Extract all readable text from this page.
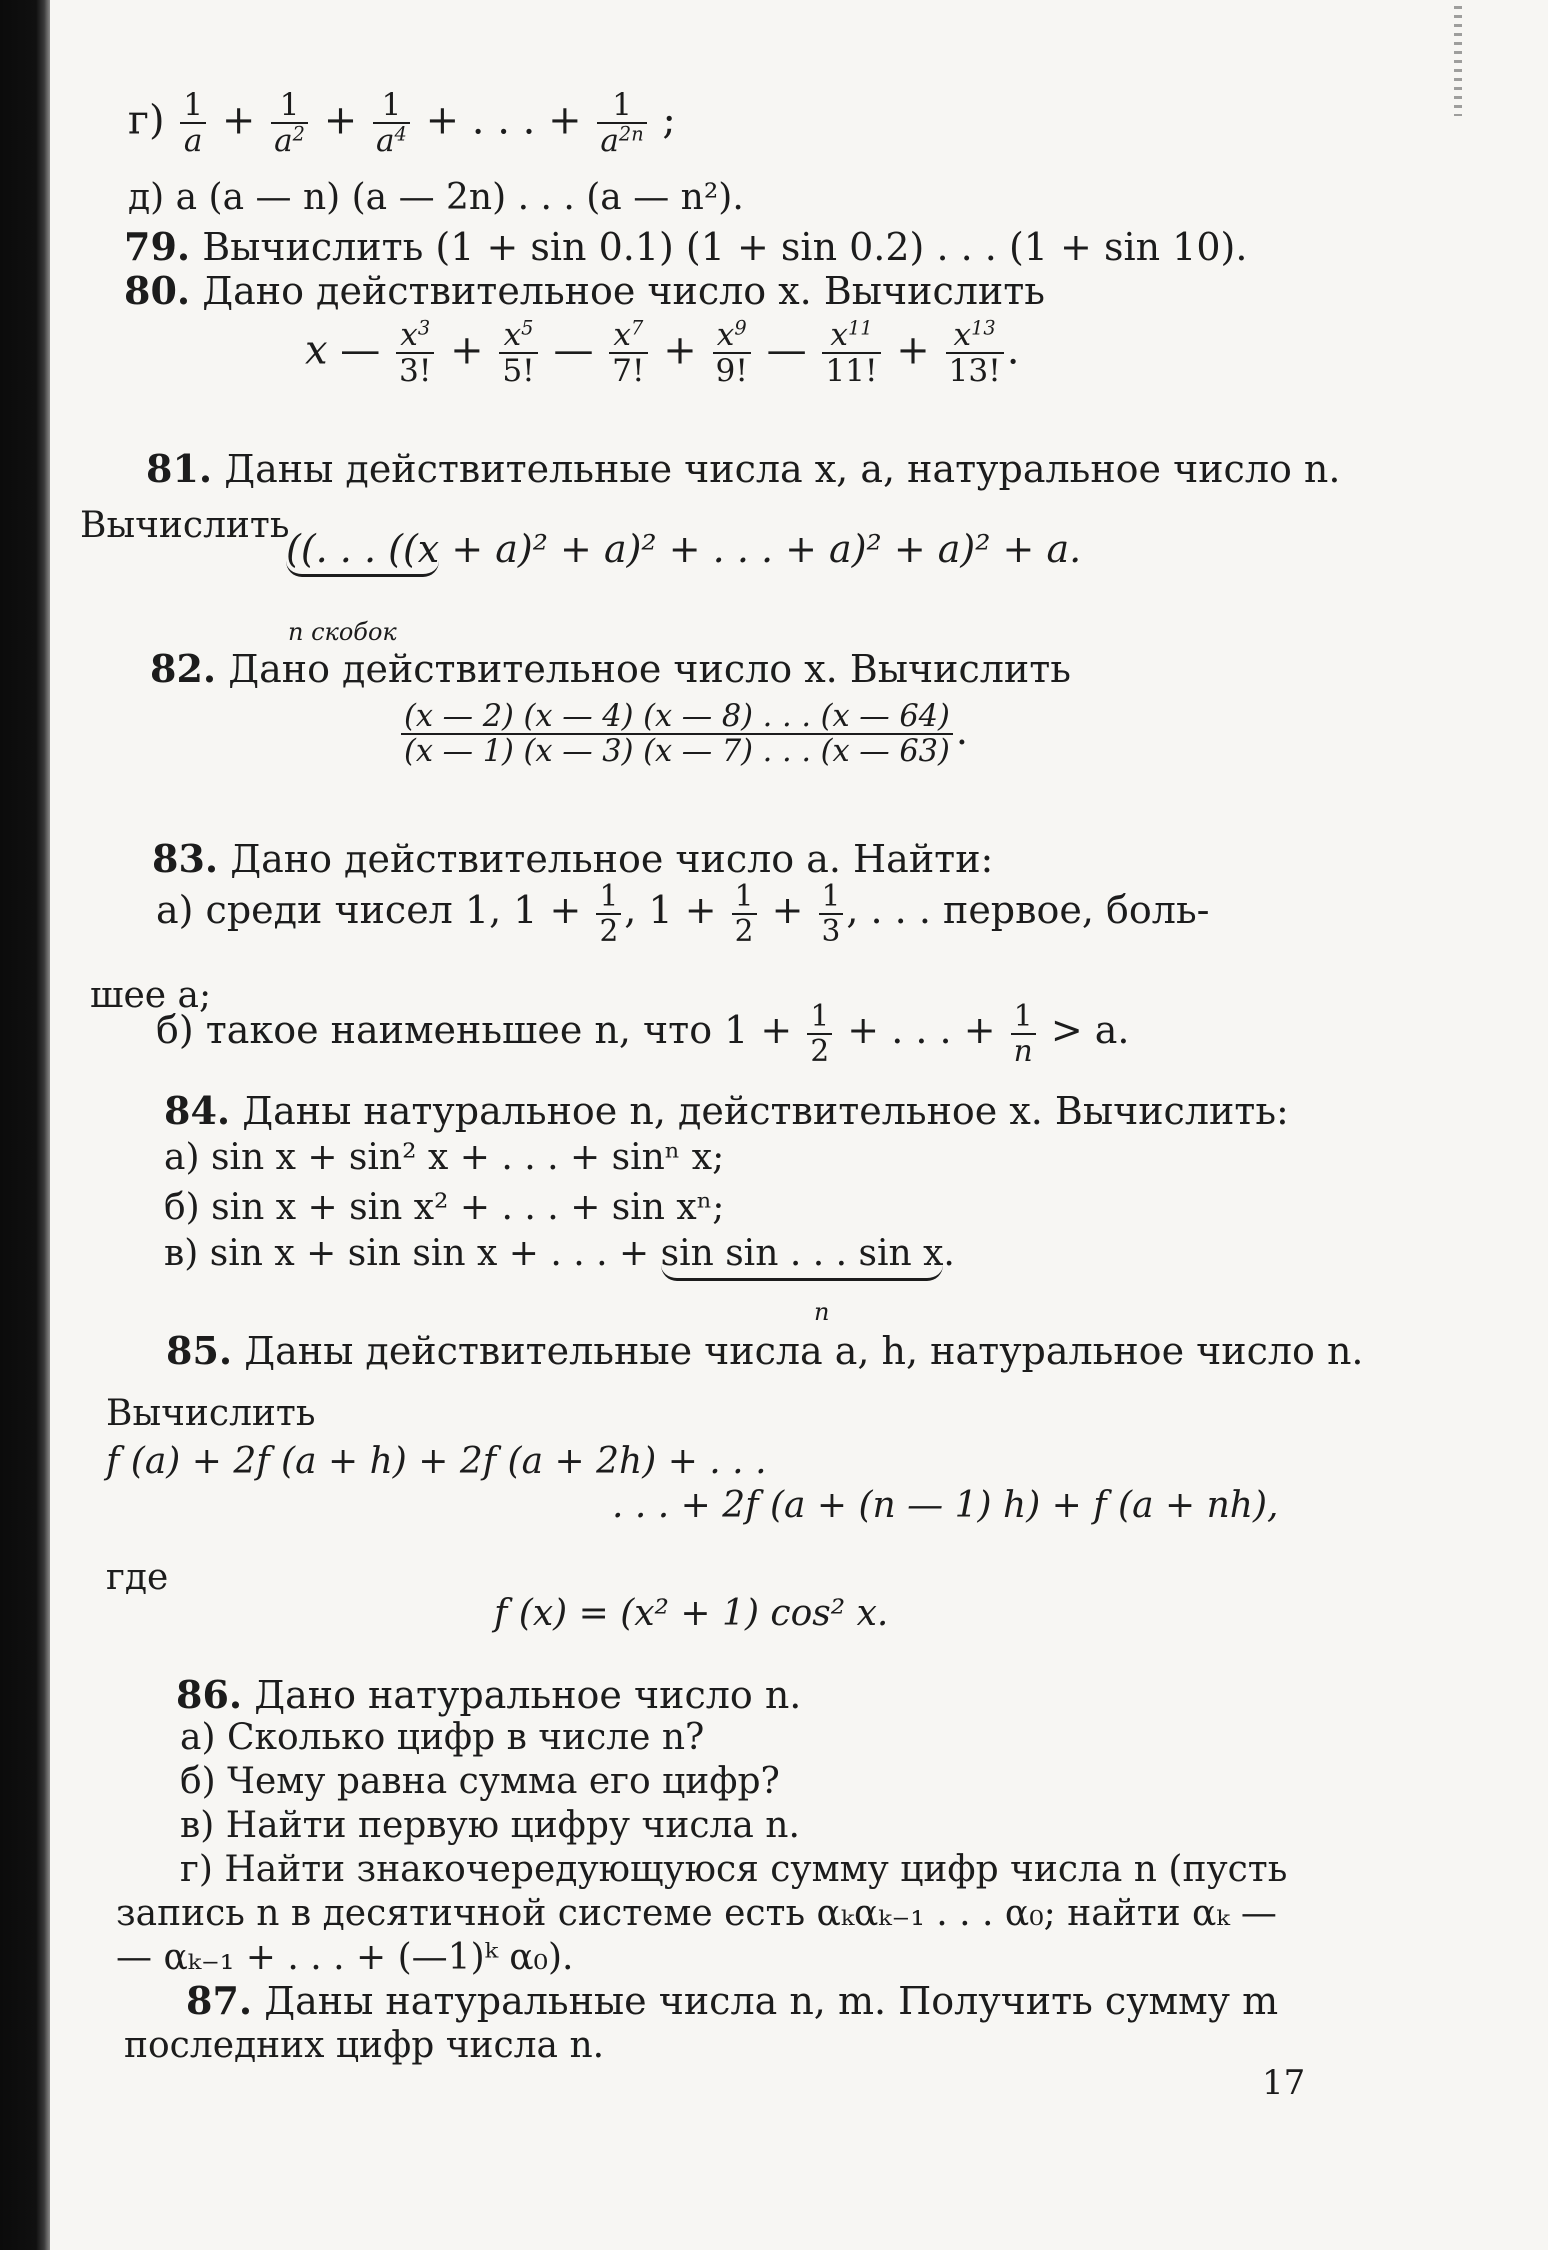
$г) \frac{1}{a} + \frac{1}{a^2} + \frac{1}{a^4}$ + . . . + $\frac{1}{a^{2n}}$ ;
д) a (a — n) (a — 2n) . . . (a — n²).
79. Вычислить (1 + sin 0.1) (1 + sin 0.2) . . . (1 + sin 10).
80. Дано действительное число x. Вычислить
x — $\frac{x^3}{3!} + \frac{x^5}{5!}$ — $\frac{x^7}{7!} + \frac{x^9}{9!}$ — $\frac{x^{11}}{11!} + \frac{x^{13}}{13!}$ .
81. Даны действительные числа x, a, натуральное число n.
Вычислить
((. . . ((x + a)² + a)² + . . . + a)² + a)² + a.
n скобок
82. Дано действительное число x. Вычислить
$\frac{(x — 2) (x — 4) (x — 8) . . . (x — 64)}{(x — 1) (x — 3) (x — 7) . . . (x — 63)}$ .
83. Дано действительное число a. Найти:
а) среди чисел 1, $1 + \frac{1}{2}$ , $1 + \frac{1}{2} + \frac{1}{3}$ , . . . первое, боль-
шее a;
б) такое наименьшее n, что $1 + \frac{1}{2}$ + . . . + $\frac{1}{n} > a$.
84. Даны натуральное n, действительное x. Вычислить:
а) sin x + sin² x + . . . + sinⁿ x;
б) sin x + sin x² + . . . + sin xⁿ;
в) sin x + sin sin x + . . . + sin sin . . . sin x.
n
85. Даны действительные числа a, h, натуральное число n.
Вычислить
f (a) + 2f (a + h) + 2f (a + 2h) + . . .
. . . + 2f (a + (n — 1) h) + f (a + nh),
где
f (x) = (x² + 1) cos² x.
86. Дано натуральное число n.
а) Сколько цифр в числе n?
б) Чему равна сумма его цифр?
в) Найти первую цифру числа n.
г) Найти знакочередующуюся сумму цифр числа n (пусть
запись n в десятичной системе есть αₖαₖ₋₁ . . . α₀; найти αₖ —
— αₖ₋₁ + . . . + (—1)ᵏ α₀).
87. Даны натуральные числа n, m. Получить сумму m
последних цифр числа n.
17
